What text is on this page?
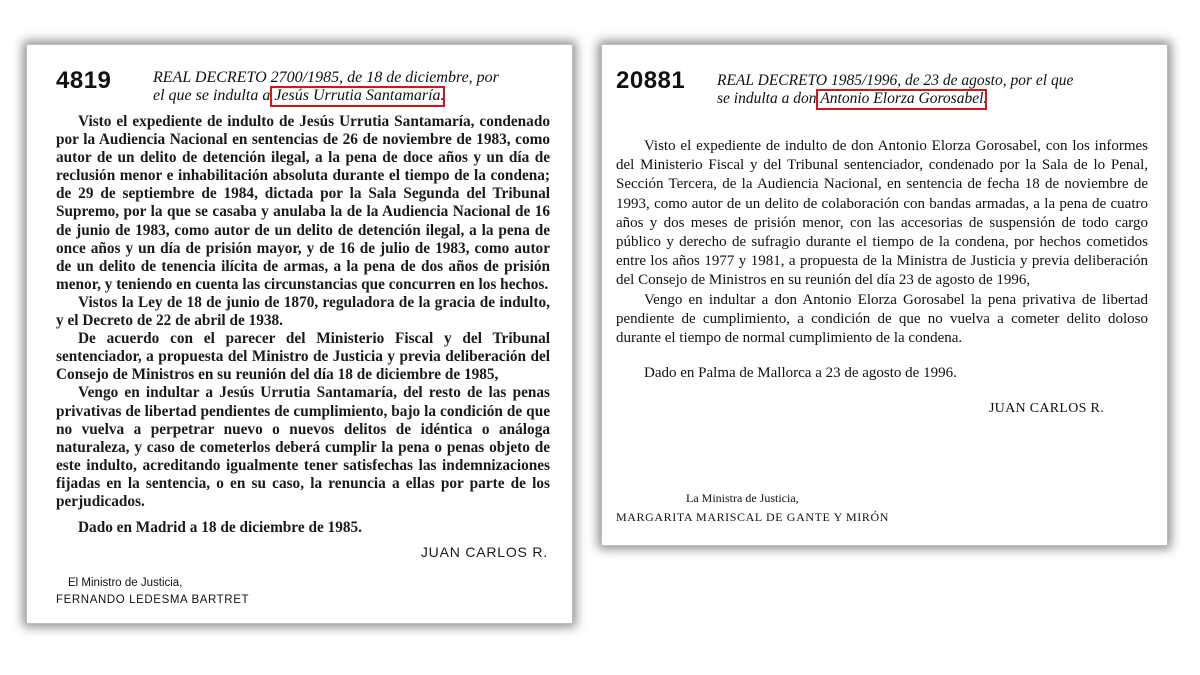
4819	REAL DECRETO 2700/1985, de 18 de diciembre, por
el que se indulta a Jesús Urrutia Santamaría.

Visto el expediente de indulto de Jesús Urrutia Santamaría, condenado por la Audiencia Nacional en sentencias de 26 de noviembre de 1983, como autor de un delito de detención ilegal, a la pena de doce años y un día de reclusión menor e inhabilitación absoluta durante el tiempo de la condena; de 29 de septiembre de 1984, dictada por la Sala Segunda del Tribunal Supremo, por la que se casaba y anulaba la de la Audiencia Nacional de 16 de junio de 1983, como autor de un delito de detención ilegal, a la pena de once años y un día de prisión mayor, y de 16 de julio de 1983, como autor de un delito de tenencia ilícita de armas, a la pena de dos años de prisión menor, y teniendo en cuenta las circunstancias que concurren en los hechos.

Vistos la Ley de 18 de junio de 1870, reguladora de la gracia de indulto, y el Decreto de 22 de abril de 1938.

De acuerdo con el parecer del Ministerio Fiscal y del Tribunal sentenciador, a propuesta del Ministro de Justicia y previa deliberación del Consejo de Ministros en su reunión del día 18 de diciembre de 1985,

Vengo en indultar a Jesús Urrutia Santamaría, del resto de las penas privativas de libertad pendientes de cumplimiento, bajo la condición de que no vuelva a perpetrar nuevo o nuevos delitos de idéntica o análoga naturaleza, y caso de cometerlos deberá cumplir la pena o penas objeto de este indulto, acreditando igualmente tener satisfechas las indemnizaciones fijadas en la sentencia, o en su caso, la renuncia a ellas por parte de los perjudicados.

Dado en Madrid a 18 de diciembre de 1985.

JUAN CARLOS R.
El Ministro de Justicia,
FERNANDO LEDESMA BARTRET
20881 REAL DECRETO 1985/1996, de 23 de agosto, por el que
se indulta a don Antonio Elorza Gorosabel.

Visto el expediente de indulto de don Antonio Elorza Gorosabel, con los informes del Ministerio Fiscal y del Tribunal sentenciador, condenado por la Sala de lo Penal, Sección Tercera, de la Audiencia Nacional, en sentencia de fecha 18 de noviembre de 1993, como autor de un delito de colaboración con bandas armadas, a la pena de cuatro años y dos meses de prisión menor, con las accesorias de suspensión de todo cargo público y derecho de sufragio durante el tiempo de la condena, por hechos cometidos entre los años 1977 y 1981, a propuesta de la Ministra de Justicia y previa deliberación del Consejo de Ministros en su reunión del día 23 de agosto de 1996,

Vengo en indultar a don Antonio Elorza Gorosabel la pena privativa de libertad pendiente de cumplimiento, a condición de que no vuelva a cometer delito doloso durante el tiempo de normal cumplimiento de la condena.

Dado en Palma de Mallorca a 23 de agosto de 1996.

JUAN CARLOS R.
La Ministra de Justicia,
MARGARITA MARISCAL DE GANTE Y MIRÓN
